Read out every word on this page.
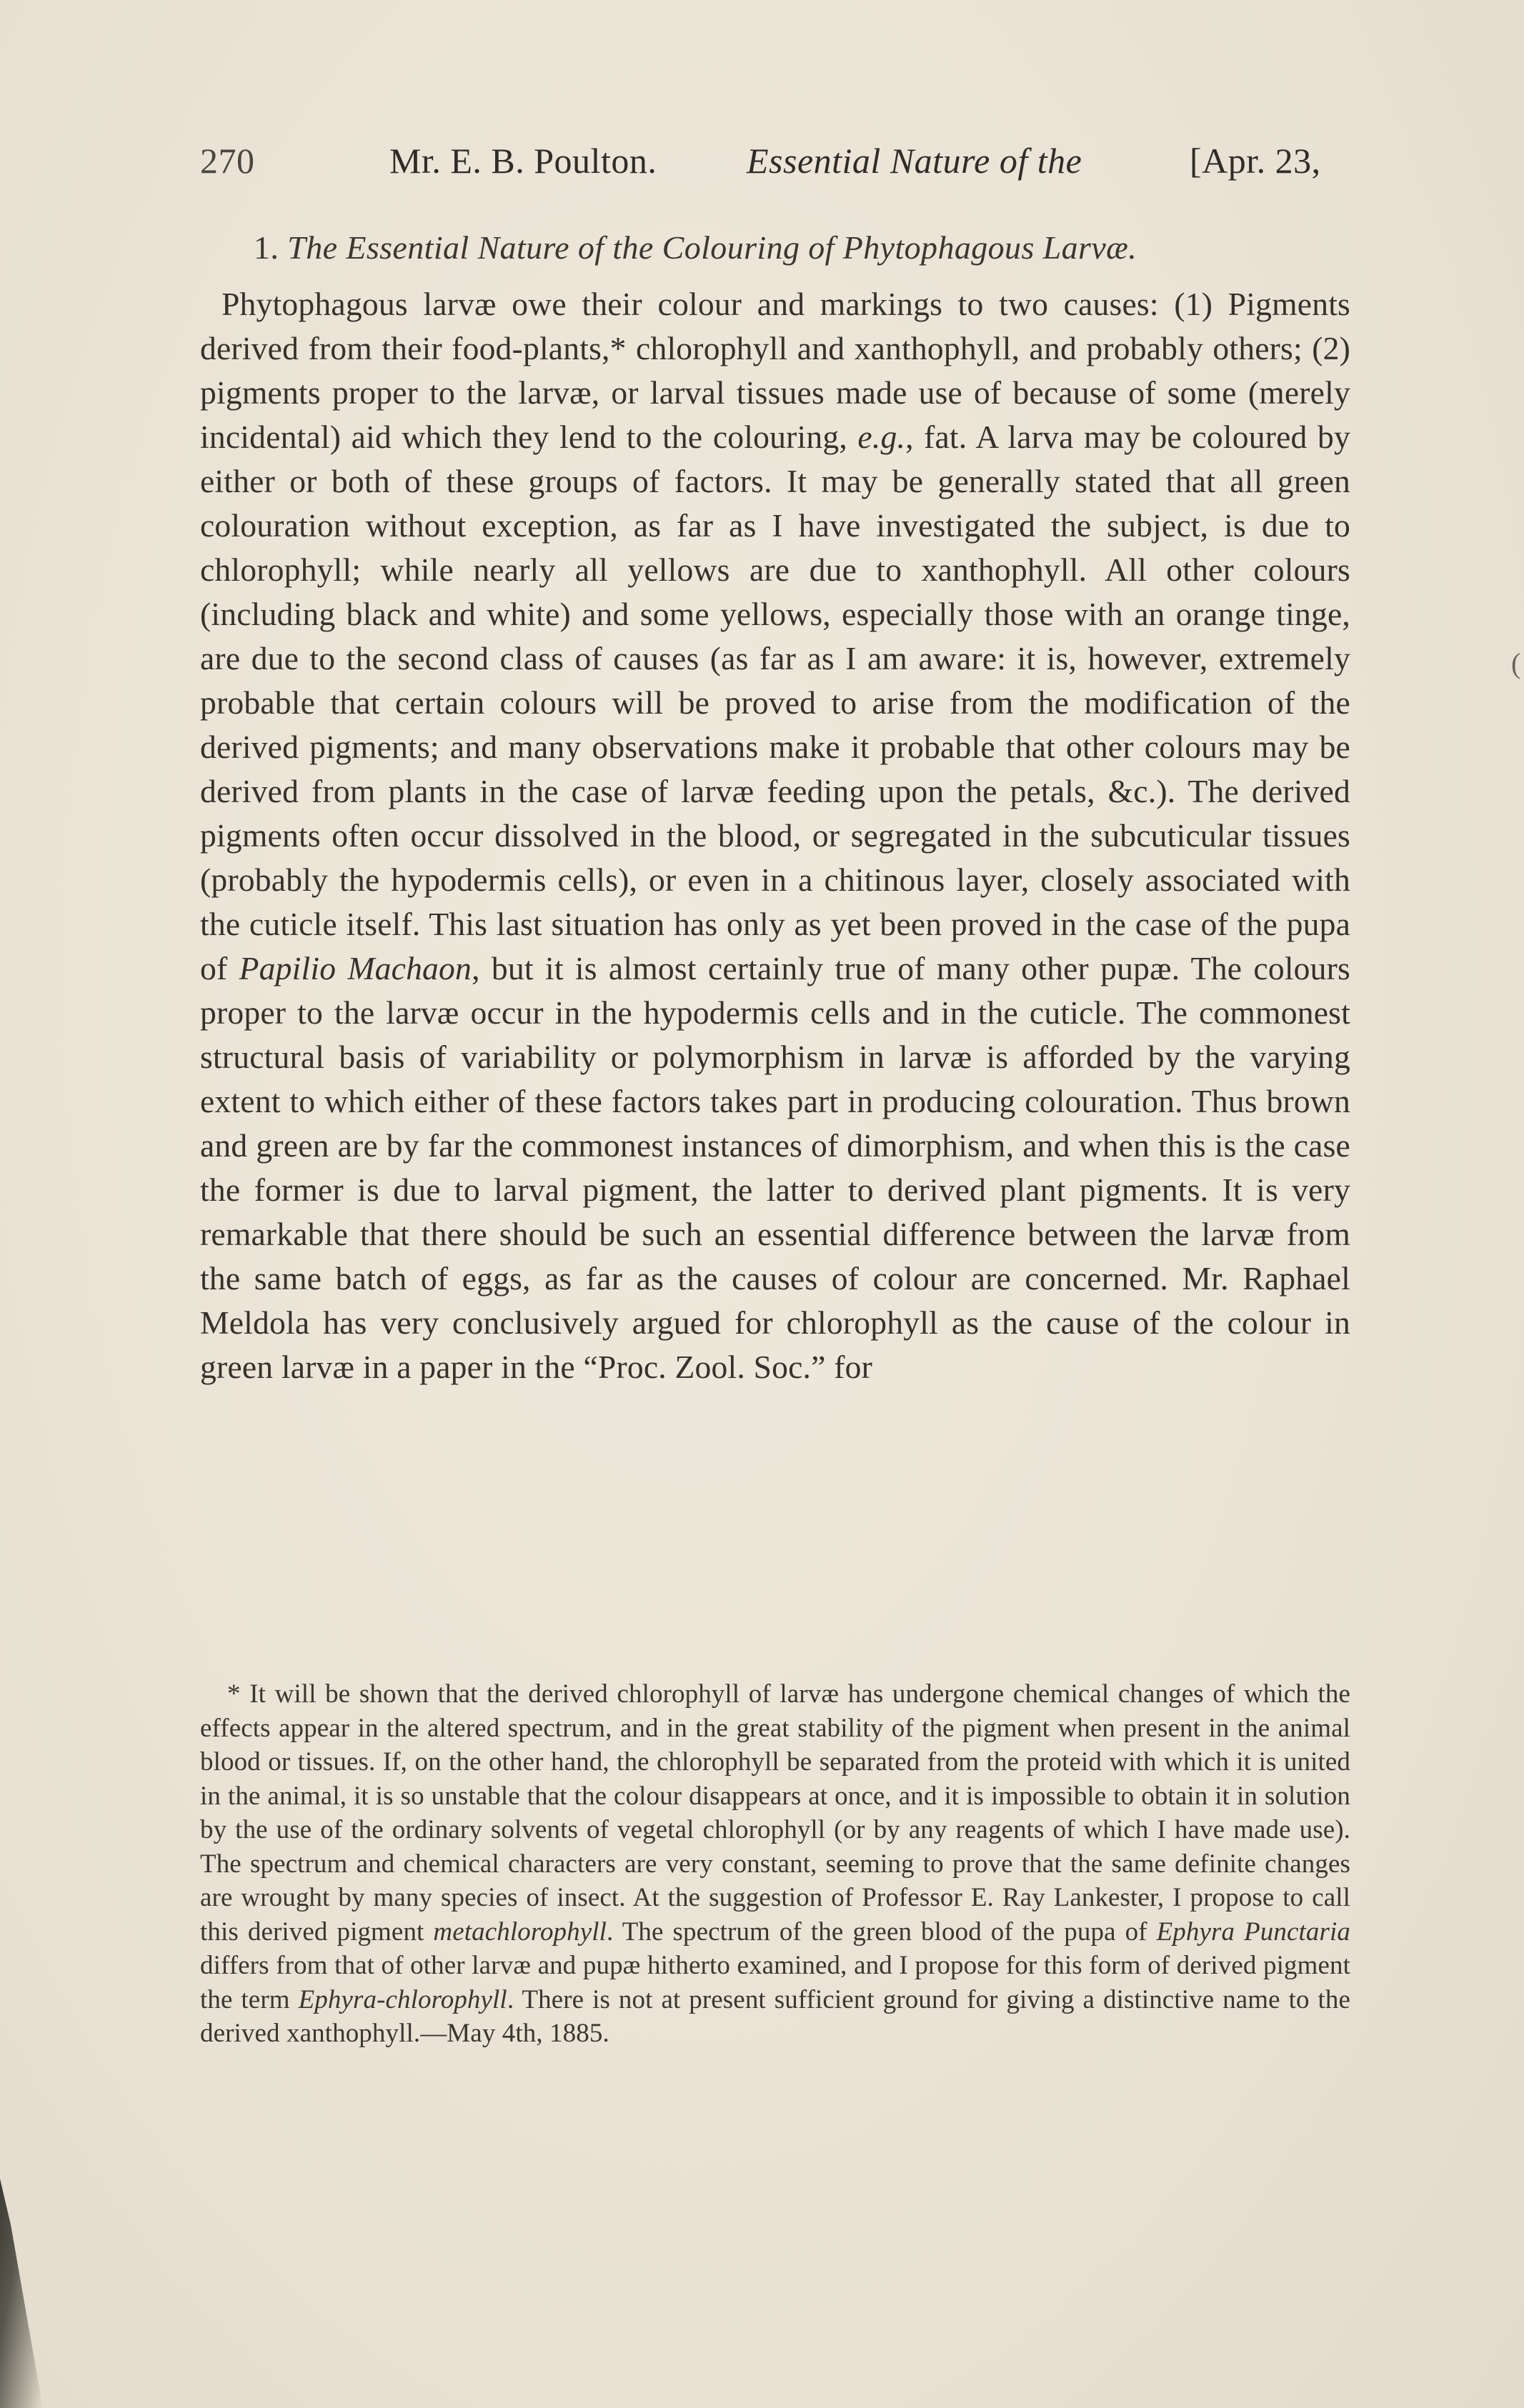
270	Mr. E. B. Poulton.	Essential Nature of the	[Apr. 23,
1. The Essential Nature of the Colouring of Phytophagous Larvæ.
Phytophagous larvæ owe their colour and markings to two causes: (1) Pigments derived from their food-plants,* chlorophyll and xanthophyll, and probably others; (2) pigments proper to the larvæ, or larval tissues made use of because of some (merely incidental) aid which they lend to the colouring, e.g., fat. A larva may be coloured by either or both of these groups of factors. It may be generally stated that all green colouration without exception, as far as I have investigated the subject, is due to chlorophyll; while nearly all yellows are due to xanthophyll. All other colours (including black and white) and some yellows, especially those with an orange tinge, are due to the second class of causes (as far as I am aware: it is, however, extremely probable that certain colours will be proved to arise from the modification of the derived pigments; and many observations make it probable that other colours may be derived from plants in the case of larvæ feeding upon the petals, &c.). The derived pigments often occur dissolved in the blood, or segregated in the subcuticular tissues (probably the hypodermis cells), or even in a chitinous layer, closely associated with the cuticle itself. This last situation has only as yet been proved in the case of the pupa of Papilio Machaon, but it is almost certainly true of many other pupæ. The colours proper to the larvæ occur in the hypodermis cells and in the cuticle. The commonest structural basis of variability or polymorphism in larvæ is afforded by the varying extent to which either of these factors takes part in producing colouration. Thus brown and green are by far the commonest instances of dimorphism, and when this is the case the former is due to larval pigment, the latter to derived plant pigments. It is very remarkable that there should be such an essential difference between the larvæ from the same batch of eggs, as far as the causes of colour are concerned. Mr. Raphael Meldola has very conclusively argued for chlorophyll as the cause of the colour in green larvæ in a paper in the “Proc. Zool. Soc.” for
* It will be shown that the derived chlorophyll of larvæ has undergone chemical changes of which the effects appear in the altered spectrum, and in the great stability of the pigment when present in the animal blood or tissues. If, on the other hand, the chlorophyll be separated from the proteid with which it is united in the animal, it is so unstable that the colour disappears at once, and it is impossible to obtain it in solution by the use of the ordinary solvents of vegetal chlorophyll (or by any reagents of which I have made use). The spectrum and chemical characters are very constant, seeming to prove that the same definite changes are wrought by many species of insect. At the suggestion of Professor E. Ray Lankester, I propose to call this derived pigment metachlorophyll. The spectrum of the green blood of the pupa of Ephyra Punctaria differs from that of other larvæ and pupæ hitherto examined, and I propose for this form of derived pigment the term Ephyra-chlorophyll. There is not at present sufficient ground for giving a distinctive name to the derived xanthophyll.—May 4th, 1885.
(
